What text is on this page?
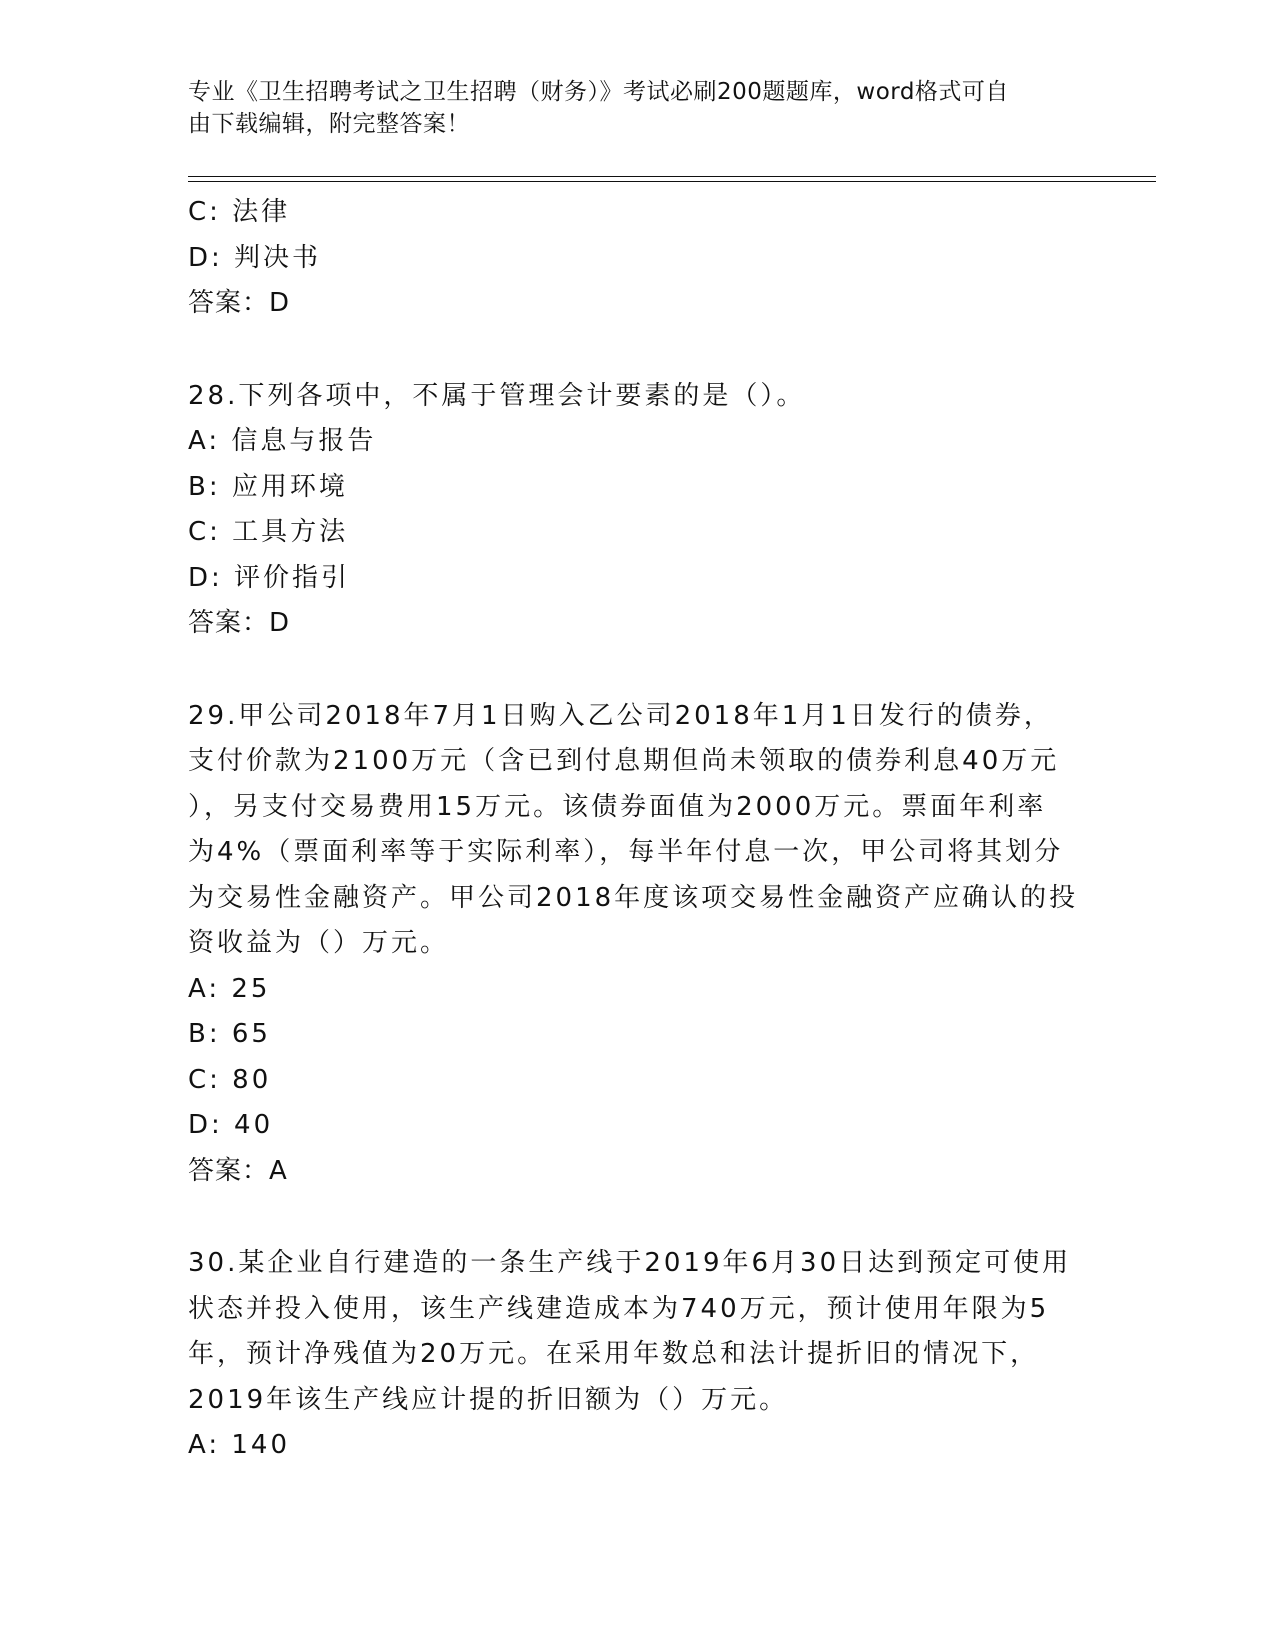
专业《卫生招聘考试之卫生招聘（财务）》考试必刷200题题库，word格式可自
由下载编辑，附完整答案！
C: 法律
D: 判决书
答案：D
28.下列各项中，不属于管理会计要素的是（）。
A: 信息与报告
B: 应用环境
C: 工具方法
D: 评价指引
答案：D
29.甲公司2018年7月1日购入乙公司2018年1月1日发行的债券，
支付价款为2100万元（含已到付息期但尚未领取的债券利息40万元
），另支付交易费用15万元。该债券面值为2000万元。票面年利率
为4%（票面利率等于实际利率），每半年付息一次，甲公司将其划分
为交易性金融资产。甲公司2018年度该项交易性金融资产应确认的投
资收益为（）万元。
A: 25
B: 65
C: 80
D: 40
答案：A
30.某企业自行建造的一条生产线于2019年6月30日达到预定可使用
状态并投入使用，该生产线建造成本为740万元，预计使用年限为5
年，预计净残值为20万元。在采用年数总和法计提折旧的情况下，
2019年该生产线应计提的折旧额为（）万元。
A: 140
